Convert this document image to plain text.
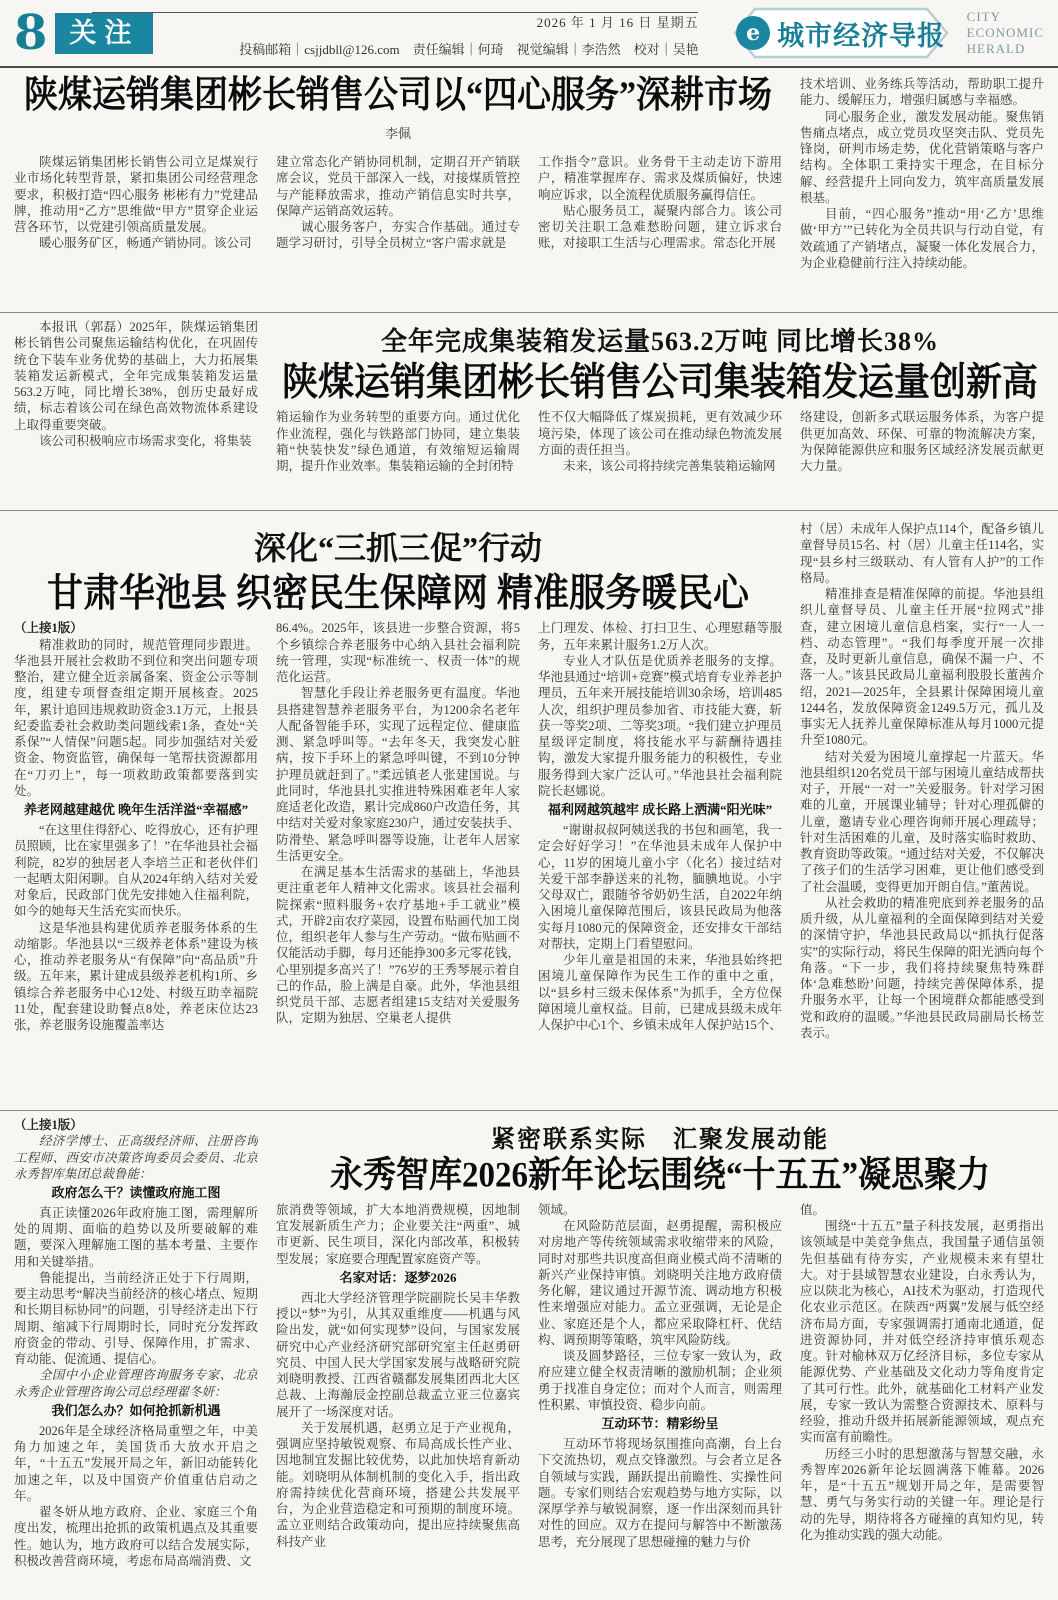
8 关注	2026 年 1 月 16 日 星期五
投稿邮箱｜csjjdbll@126.com　责任编辑｜何琦　视觉编辑｜李浩然　校对｜吴艳
e 城市经济导报
CITY
ECONOMIC
HERALD
陕煤运销集团彬长销售公司以“四心服务”深耕市场
李佩
陕煤运销集团彬长销售公司立足煤炭行业市场化转型背景，紧扣集团公司经营理念要求，积极打造“四心服务 彬彬有力”党建品牌，推动用“乙方”思维做“甲方”贯穿企业运营各环节，以党建引领高质量发展。
暖心服务矿区，畅通产销协同。该公司
建立常态化产销协同机制，定期召开产销联席会议，党员干部深入一线，对接煤质管控与产能释放需求，推动产销信息实时共享，保障产运销高效运转。
诚心服务客户，夯实合作基础。通过专题学习研讨，引导全员树立“客户需求就是
工作指令”意识。业务骨干主动走访下游用户，精准掌握库存、需求及煤质偏好，快速响应诉求，以全流程优质服务赢得信任。
贴心服务员工，凝聚内部合力。该公司密切关注职工急难愁盼问题，建立诉求台账，对接职工生活与心理需求。常态化开展
技术培训、业务练兵等活动，帮助职工提升能力、缓解压力，增强归属感与幸福感。
同心服务企业，激发发展动能。聚焦销售痛点堵点，成立党员攻坚突击队、党员先锋岗，研判市场走势，优化营销策略与客户结构。全体职工秉持实干理念，在目标分解、经营提升上同向发力，筑牢高质量发展根基。
目前，“四心服务”推动“用‘乙方’思维做‘甲方’”已转化为全员共识与行动自觉，有效疏通了产销堵点，凝聚一体化发展合力，为企业稳健前行注入持续动能。
本报讯（郭磊）2025年，陕煤运销集团彬长销售公司聚焦运输结构优化，在巩固传统仓下装车业务优势的基础上，大力拓展集装箱发运新模式，全年完成集装箱发运量563.2万吨，同比增长38%，创历史最好成绩，标志着该公司在绿色高效物流体系建设上取得重要突破。
该公司积极响应市场需求变化，将集装
全年完成集装箱发运量563.2万吨 同比增长38%
陕煤运销集团彬长销售公司集装箱发运量创新高
箱运输作为业务转型的重要方向。通过优化作业流程，强化与铁路部门协同，建立集装箱“快装快发”绿色通道，有效缩短运输周期，提升作业效率。集装箱运输的全封闭特
性不仅大幅降低了煤炭损耗，更有效减少环境污染，体现了该公司在推动绿色物流发展方面的责任担当。
未来，该公司将持续完善集装箱运输网
络建设，创新多式联运服务体系，为客户提供更加高效、环保、可靠的物流解决方案，为保障能源供应和服务区域经济发展贡献更大力量。
深化“三抓三促”行动
甘肃华池县 织密民生保障网 精准服务暖民心
（上接1版）
精准救助的同时，规范管理同步跟进。华池县开展社会救助不到位和突出问题专项整治，建立健全近亲属备案、资金公示等制度，组建专项督查组定期开展核查。2025年，累计追回违规救助资金3.1万元，上报县纪委监委社会救助类问题线索1条，查处“关系保”“人情保”问题5起。同步加强结对关爱资金、物资监管，确保每一笔帮扶资源都用在“刀刃上”，每一项救助政策都要落到实处。
养老网越建越优 晚年生活洋溢“幸福感”
“在这里住得舒心、吃得放心，还有护理员照顾，比在家里强多了！”在华池县社会福利院，82岁的独居老人李培兰正和老伙伴们一起晒太阳闲聊。自从2024年纳入结对关爱对象后，民政部门优先安排她入住福利院，如今的她每天生活充实而快乐。
这是华池县构建优质养老服务体系的生动缩影。华池县以“三级养老体系”建设为核心，推动养老服务从“有保障”向“高品质”升级。五年来，累计建成县级养老机构1所、乡镇综合养老服务中心12处、村级互助幸福院11处，配套建设助餐点8处，养老床位达23张，养老服务设施覆盖率达
86.4%。2025年，该县进一步整合资源，将5个乡镇综合养老服务中心纳入县社会福利院统一管理，实现“标准统一、权责一体”的规范化运营。
智慧化手段让养老服务更有温度。华池县搭建智慧养老服务平台，为1200余名老年人配备智能手环，实现了远程定位、健康监测、紧急呼叫等。“去年冬天，我突发心脏病，按下手环上的紧急呼叫键，不到10分钟护理员就赶到了。”柔远镇老人张建国说。与此同时，华池县扎实推进特殊困难老年人家庭适老化改造，累计完成860户改造任务，其中结对关爱对象家庭230户，通过安装扶手、防滑垫、紧急呼叫器等设施，让老年人居家生活更安全。
在满足基本生活需求的基础上，华池县更注重老年人精神文化需求。该县社会福利院探索“照料服务+农疗基地+手工就业”模式，开辟2亩农疗菜园，设置布贴画代加工岗位，组织老年人参与生产劳动。“做布贴画不仅能活动手脚，每月还能挣300多元零花钱，心里别提多高兴了！”76岁的王秀琴展示着自己的作品，脸上满是自豪。此外，华池县组织党员干部、志愿者组建15支结对关爱服务队，定期为独居、空巢老人提供
上门理发、体检、打扫卫生、心理慰藉等服务，五年来累计服务1.2万人次。
专业人才队伍是优质养老服务的支撑。华池县通过“培训+竞赛”模式培育专业养老护理员，五年来开展技能培训30余场，培训485人次，组织护理员参加省、市技能大赛，斩获一等奖2项、二等奖3项。“我们建立护理员星级评定制度，将技能水平与薪酬待遇挂钩，激发大家提升服务能力的积极性，专业服务得到大家广泛认可。”华池县社会福利院院长赵娜说。
福利网越筑越牢 成长路上洒满“阳光味”
“谢谢叔叔阿姨送我的书包和画笔，我一定会好好学习！”在华池县未成年人保护中心，11岁的困境儿童小宇（化名）接过结对关爱干部李静送来的礼物，腼腆地说。小宇父母双亡，跟随爷爷奶奶生活，自2022年纳入困境儿童保障范围后，该县民政局为他落实每月1080元的保障资金，还安排女干部结对帮扶，定期上门看望慰问。
少年儿童是祖国的未来，华池县始终把困境儿童保障作为民生工作的重中之重，以“县乡村三级未保体系”为抓手，全方位保障困境儿童权益。目前，已建成县级未成年人保护中心1个、乡镇未成年人保护站15个、
村（居）未成年人保护点114个，配备乡镇儿童督导员15名、村（居）儿童主任114名，实现“县乡村三级联动、有人管有人护”的工作格局。
精准排查是精准保障的前提。华池县组织儿童督导员、儿童主任开展“拉网式”排查，建立困境儿童信息档案，实行“一人一档、动态管理”。“我们每季度开展一次排查，及时更新儿童信息，确保不漏一户、不落一人。”该县民政局儿童福利股股长董茜介绍，2021—2025年，全县累计保障困境儿童1244名，发放保障资金1249.5万元，孤儿及事实无人抚养儿童保障标准从每月1000元提升至1080元。
结对关爱为困境儿童撑起一片蓝天。华池县组织120名党员干部与困境儿童结成帮扶对子，开展“一对一”关爱服务。针对学习困难的儿童，开展课业辅导；针对心理孤僻的儿童，邀请专业心理咨询师开展心理疏导；针对生活困难的儿童，及时落实临时救助、教育资助等政策。“通过结对关爱，不仅解决了孩子们的生活学习困难，更让他们感受到了社会温暖，变得更加开朗自信。”董茜说。
从社会救助的精准兜底到养老服务的品质升级，从儿童福利的全面保障到结对关爱的深情守护，华池县民政局以“抓执行促落实”的实际行动，将民生保障的阳光洒向每个角落。“下一步，我们将持续聚焦特殊群体‘急难愁盼’问题，持续完善保障体系，提升服务水平，让每一个困境群众都能感受到党和政府的温暖。”华池县民政局副局长杨苙表示。
（上接1版）
经济学博士、正高级经济师、注册咨询工程师、西安市决策咨询委员会委员、北京永秀智库集团总裁鲁能：
政府怎么干？读懂政府施工图
真正读懂2026年政府施工图，需理解所处的周期、面临的趋势以及所要破解的难题，要深入理解施工图的基本考量、主要作用和关键举措。
鲁能提出，当前经济正处于下行周期，要主动思考“解决当前经济的核心堵点、短期和长期目标协同”的问题，引导经济走出下行周期、缩减下行周期时长，同时充分发挥政府资金的带动、引导、保障作用，扩需求、育动能、促流通、提信心。
全国中小企业管理咨询服务专家、北京永秀企业管理咨询公司总经理翟冬妍：
我们怎么办？如何抢抓新机遇
2026年是全球经济格局重塑之年，中美角力加速之年，美国货币大放水开启之年，“十五五”发展开局之年，新旧动能转化加速之年，以及中国资产价值重估启动之年。
翟冬妍从地方政府、企业、家庭三个角度出发，梳理出抢抓的政策机遇点及其重要性。她认为，地方政府可以结合发展实际，积极改善营商环境，考虑布局高端消费、文
紧密联系实际　汇聚发展动能
永秀智库2026新年论坛围绕“十五五”凝思聚力
旅消费等领域，扩大本地消费规模，因地制宜发展新质生产力；企业要关注“两重”、城市更新、民生项目，深化内部改革，积极转型发展；家庭要合理配置家庭资产等。
名家对话：逐梦2026
西北大学经济管理学院副院长吴丰华教授以“梦”为引，从其双重维度——机遇与风险出发，就“如何实现梦”设问，与国家发展研究中心产业经济研究部研究室主任赵勇研究员、中国人民大学国家发展与战略研究院刘晓明教授、江西省赣鄱发展集团西北大区总裁、上海瀚辰金控副总裁孟立亚三位嘉宾展开了一场深度对话。
关于发展机遇，赵勇立足于产业视角，强调应坚持敏锐观察、布局高成长性产业、因地制宜发掘比较优势，以此加快培育新动能。刘晓明从体制机制的变化入手，指出政府需持续优化营商环境，搭建公共发展平台，为企业营造稳定和可预期的制度环境。孟立亚则结合政策动向，提出应持续聚焦高科技产业
领域。
在风险防范层面，赵勇提醒，需积极应对房地产等传统领域需求收缩带来的风险，同时对那些共识度高但商业模式尚不清晰的新兴产业保持审慎。刘晓明关注地方政府债务化解，建议通过开源节流、调动地方积极性来增强应对能力。孟立亚强调，无论是企业、家庭还是个人，都应采取降杠杆、优结构、调预期等策略，筑牢风险防线。
谈及圆梦路径，三位专家一致认为，政府应建立健全权责清晰的激励机制；企业须勇于找准自身定位；而对个人而言，则需理性积累、审慎投资、稳步向前。
互动环节：精彩纷呈
互动环节将现场氛围推向高潮，台上台下交流热切，观点交锋激烈。与会者立足各自领域与实践，踊跃提出前瞻性、实操性问题。专家们则结合宏观趋势与地方实际，以深厚学养与敏锐洞察，逐一作出深刻而具针对性的回应。双方在提问与解答中不断激荡思考，充分展现了思想碰撞的魅力与价
值。
围绕“十五五”量子科技发展，赵勇指出该领域是中美竞争焦点，我国量子通信虽领先但基础有待夯实，产业规模未来有望壮大。对于县域智慧农业建设，白永秀认为，应以陕北为核心，AI技术为驱动，打造现代化农业示范区。在陕西“两翼”发展与低空经济布局方面，专家强调需打通南北通道，促进资源协同，并对低空经济持审慎乐观态度。针对榆林双万亿经济目标，多位专家从能源优势、产业基础及文化动力等角度肯定了其可行性。此外，就基础化工材料产业发展，专家一致认为需整合资源技术、原料与经验，推动升级并拓展新能源领域，观点充实而富有前瞻性。
历经三小时的思想激荡与智慧交融，永秀智库2026新年论坛圆满落下帷幕。2026年，是“十五五”规划开局之年，是需要智慧、勇气与务实行动的关键一年。理论是行动的先导，期待将各方碰撞的真知灼见，转化为推动实践的强大动能。
